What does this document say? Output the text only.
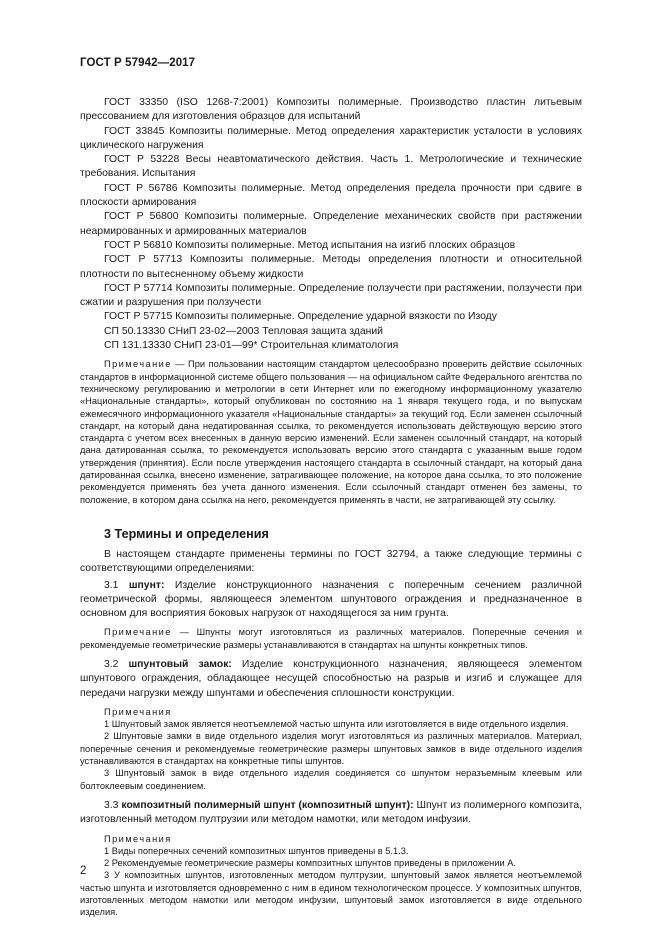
ГОСТ Р 57942—2017

ГОСТ 33350 (ISO 1268-7:2001) Композиты полимерные. Производство пластин литьевым прессованием для изготовления образцов для испытаний

ГОСТ 33845 Композиты полимерные. Метод определения характеристик усталости в условиях циклического нагружения

ГОСТ Р 53228 Весы неавтоматического действия. Часть 1. Метрологические и технические требования. Испытания

ГОСТ Р 56786 Композиты полимерные. Метод определения предела прочности при сдвиге в плоскости армирования

ГОСТ Р 56800 Композиты полимерные. Определение механических свойств при растяжении неармированных и армированных материалов

ГОСТ Р 56810 Композиты полимерные. Метод испытания на изгиб плоских образцов

ГОСТ Р 57713 Композиты полимерные. Методы определения плотности и относительной плотности по вытесненному объему жидкости

ГОСТ Р 57714 Композиты полимерные. Определение ползучести при растяжении, ползучести при сжатии и разрушения при ползучести

ГОСТ Р 57715 Композиты полимерные. Определение ударной вязкости по Изоду

СП 50.13330 СНиП 23-02—2003 Тепловая защита зданий

СП 131.13330 СНиП 23-01—99* Строительная климатология

Примечание — При пользовании настоящим стандартом целесообразно проверить действие ссылочных стандартов в информационной системе общего пользования — на официальном сайте Федерального агентства по техническому регулированию и метрологии в сети Интернет или по ежегодному информационному указателю «Национальные стандарты», который опубликован по состоянию на 1 января текущего года, и по выпускам ежемесячного информационного указателя «Национальные стандарты» за текущий год. Если заменен ссылочный стандарт, на который дана недатированная ссылка, то рекомендуется использовать действующую версию этого стандарта с учетом всех внесенных в данную версию изменений. Если заменен ссылочный стандарт, на который дана датированная ссылка, то рекомендуется использовать версию этого стандарта с указанным выше годом утверждения (принятия). Если после утверждения настоящего стандарта в ссылочный стандарт, на который дана датированная ссылка, внесено изменение, затрагивающее положение, на которое дана ссылка, то это положение рекомендуется применять без учета данного изменения. Если ссылочный стандарт отменен без замены, то положение, в котором дана ссылка на него, рекомендуется применять в части, не затрагивающей эту ссылку.

3 Термины и определения

В настоящем стандарте применены термины по ГОСТ 32794, а также следующие термины с соответствующими определениями:

3.1 шпунт: Изделие конструкционного назначения с поперечным сечением различной геометрической формы, являющееся элементом шпунтового ограждения и предназначенное в основном для восприятия боковых нагрузок от находящегося за ним грунта.

Примечание — Шпунты могут изготовляться из различных материалов. Поперечные сечения и рекомендуемые геометрические размеры устанавливаются в стандартах на шпунты конкретных типов.

3.2 шпунтовый замок: Изделие конструкционного назначения, являющееся элементом шпунтового ограждения, обладающее несущей способностью на разрыв и изгиб и служащее для передачи нагрузки между шпунтами и обеспечения сплошности конструкции.

Примечания

1 Шпунтовый замок является неотъемлемой частью шпунта или изготовляется в виде отдельного изделия.

2 Шпунтовые замки в виде отдельного изделия могут изготовляться из различных материалов. Материал, поперечные сечения и рекомендуемые геометрические размеры шпунтовых замков в виде отдельного изделия устанавливаются в стандартах на конкретные типы шпунтов.

3 Шпунтовый замок в виде отдельного изделия соединяется со шпунтом неразъемным клеевым или болтоклеевым соединением.

3.3 композитный полимерный шпунт (композитный шпунт): Шпунт из полимерного композита, изготовленный методом пултрузии или методом намотки, или методом инфузии.

Примечания

1 Виды поперечных сечений композитных шпунтов приведены в 5.1.3.

2 Рекомендуемые геометрические размеры композитных шпунтов приведены в приложении А.

3 У композитных шпунтов, изготовленных методом пултрузии, шпунтовый замок является неотъемлемой частью шпунта и изготовляется одновременно с ним в едином технологическом процессе. У композитных шпунтов, изготовленных методом намотки или методом инфузии, шпунтовый замок изготовляется в виде отдельного изделия.

2
